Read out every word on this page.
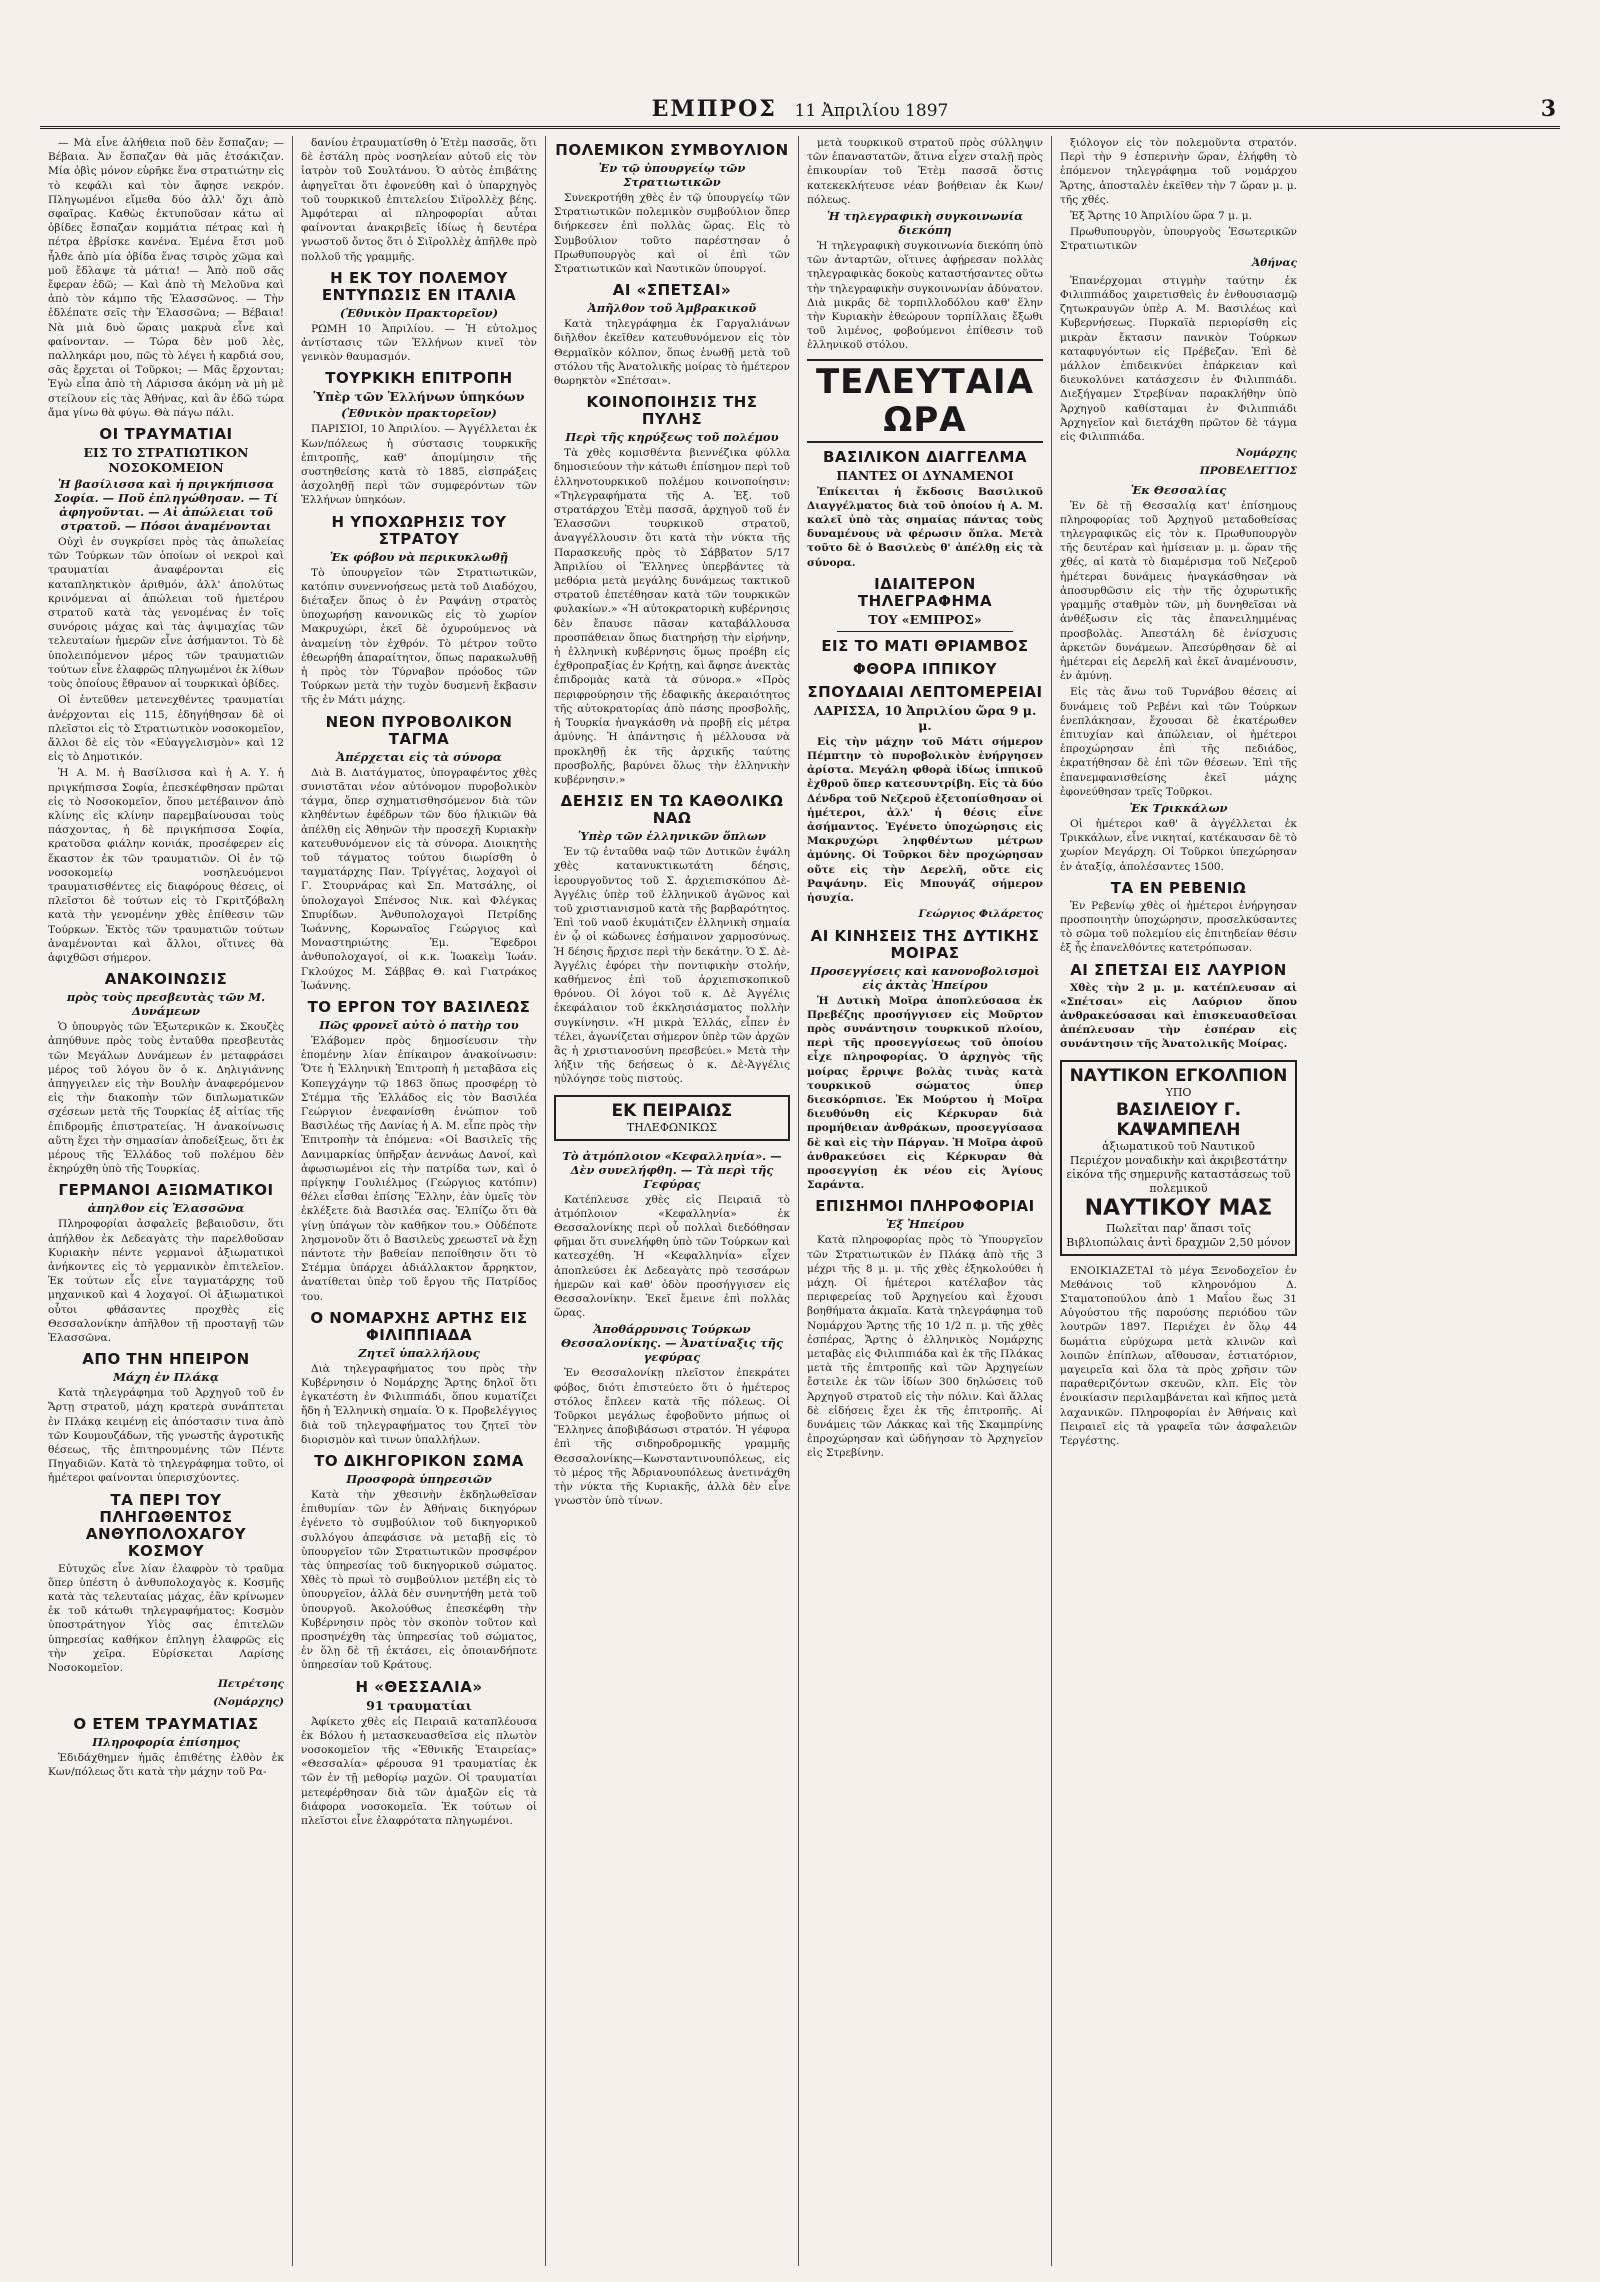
ΕΜΠΡΟΣ 11 Ἀπριλίου 1897	3

— Μὰ εἶνε ἀλήθεια ποῦ δὲν ἔσπαζαν; — Βέβαια. Ἀν ἔσπαζαν θὰ μᾶς ἐτσάκιζαν. Μία ὀβὶς μόνον εὑρῆκε ἕνα στρατιώτην εἰς τὸ κεφάλι καὶ τὸν ἄφησε νεκρόν. Πληγωμένοι εἴμεθα δύο ἀλλ' ὄχι ἀπὸ σφαῖρας. Καθὼς ἐκτυποῦσαν κάτω αἱ ὀβίδες ἔσπαζαν κομμάτια πέτρας καὶ ἡ πέτρα ἐβρίσκε κανένα. Ἐμένα ἔτσι μοῦ ἦλθε ἀπὸ μία ὀβίδα ἕνας τσιρὸς χῶμα καὶ μοῦ ἔδλαψε τὰ μάτια! — Ἀπὸ ποῦ σᾶς ἔφεραν ἐδῶ; — Καὶ ἀπὸ τὴ Μελοῦνα καὶ ἀπὸ τὸν κάμπο τῆς Ἐλασσῶνος. — Τὴν ἐδλέπατε σεῖς τὴν Ἐλασσῶνα; — Βέβαια! Νὰ μιὰ δυὸ ὥραις μακρυὰ εἶνε καὶ φαίνονταν. — Τώρα δὲν μοῦ λὲς, παλληκάρι μου, πῶς τὸ λέγει ἡ καρδιά σου, σᾶς ἔρχεται οἱ Τοῦρκοι; — Μᾶς ἔρχονται; Ἐγὼ εἶπα ἀπὸ τὴ Λάρισσα ἀκόμη νὰ μὴ μὲ στείλουν εἰς τὰς Ἀθήνας, καὶ ἂν ἐδῶ τώρα ἄμα γίνω θὰ φύγω. Θὰ πάγω πάλι.

ΟΙ ΤΡΑΥΜΑΤΙΑΙ
ΕΙΣ ΤΟ ΣΤΡΑΤΙΩΤΙΚΟΝ ΝΟΣΟΚΟΜΕΙΟΝ
Ἡ βασίλισσα καὶ ἡ πριγκήπισσα Σοφία. — Ποῦ ἐπληγώθησαν. — Τί ἀφηγοῦνται. — Αἱ ἀπώλειαι τοῦ στρατοῦ. — Πόσοι ἀναμένονται

Οὐχὶ ἐν συγκρίσει πρὸς τὰς ἀπωλείας τῶν Τούρκων τῶν ὁποίων οἱ νεκροὶ καὶ τραυματίαι ἀναφέρονται εἰς καταπληκτικὸν ἀριθμόν, ἀλλ' ἀπολύτως κρινόμεναι αἱ ἀπώλειαι τοῦ ἡμετέρου στρατοῦ κατὰ τὰς γενομένας ἐν τοῖς συνόροις μάχας καὶ τὰς ἀψιμαχίας τῶν τελευταίων ἡμερῶν εἶνε ἀσήμαντοι. Τὸ δὲ ὑπολειπόμενον μέρος τῶν τραυματιῶν τούτων εἶνε ἐλαφρῶς πληγωμένοι ἐκ λίθων τοὺς ὁποίους ἔθραυον αἱ τουρκικαὶ ὀβίδες.

Οἱ ἐντεῦθεν μετενεχθέντες τραυματίαι ἀνέρχονται εἰς 115, ἐδηγήθησαν δὲ οἱ πλεῖστοι εἰς τὸ Στρατιωτικὸν νοσοκομεῖον, ἄλλοι δὲ εἰς τὸν «Εὐαγγελισμὸν» καὶ 12 εἰς τὸ Δημοτικόν.

Ἡ Α. Μ. ἡ Βασίλισσα καὶ ἡ Α. Υ. ἡ πριγκήπισσα Σοφία, ἐπεσκέφθησαν πρῶται εἰς τὸ Νοσοκομεῖον, ὅπου μετέβαινον ἀπὸ κλίνης εἰς κλίνην παρεμβαίνουσαι τοὺς πάσχοντας, ἡ δὲ πριγκήπισσα Σοφία, κρατοῦσα φιάλην κονιάκ, προσέφερεν εἰς ἕκαστον ἐκ τῶν τραυματιῶν. Οἱ ἐν τῷ νοσοκομείῳ νοσηλευόμενοι τραυματισθέντες εἰς διαφόρους θέσεις, οἱ πλεῖστοι δὲ τούτων εἰς τὸ Γκριτζόβαλη κατὰ τὴν γενομένην χθὲς ἐπίθεσιν τῶν Τούρκων. Ἐκτὸς τῶν τραυματιῶν τούτων ἀναμένονται καὶ ἄλλοι, οἵτινες θὰ ἀφιχθῶσι σήμερον.

ΑΝΑΚΟΙΝΩΣΙΣ
πρὸς τοὺς πρεσβευτὰς τῶν Μ. Δυνάμεων

Ὁ ὑπουργὸς τῶν Ἐξωτερικῶν κ. Σκουζὲς ἀπηύθυνε πρὸς τοὺς ἐνταῦθα πρεσβευτὰς τῶν Μεγάλων Δυνάμεων ἐν μεταφράσει μέρος τοῦ λόγου ὃν ὁ κ. Δηλιγιάννης ἀπηγγειλεν εἰς τὴν Βουλὴν ἀναφερόμενον εἰς τὴν διακοπὴν τῶν διπλωματικῶν σχέσεων μετὰ τῆς Τουρκίας ἐξ αἰτίας τῆς ἐπιδρομῆς ἐπιστρατείας. Ἡ ἀνακοίνωσις αὕτη ἔχει τὴν σημασίαν ἀποδείξεως, ὅτι ἐκ μέρους τῆς Ἑλλάδος τοῦ πολέμου δὲν ἐκηρύχθη ὑπὸ τῆς Τουρκίας.

ΓΕΡΜΑΝΟΙ ΑΞΙΩΜΑΤΙΚΟΙ
ἀπηλθον εἰς Ἐλασσῶνα

Πληροφορίαι ἀσφαλεῖς βεβαιοῦσιν, ὅτι ἀπήλθον ἐκ Δεδεαγὰτς τὴν παρελθοῦσαν Κυριακὴν πέντε γερμανοὶ ἀξιωματικοὶ ἀνήκοντες εἰς τὸ γερμανικὸν ἐπιτελεῖον. Ἐκ τούτων εἷς εἶνε ταγματάρχης τοῦ μηχανικοῦ καὶ 4 λοχαγοί. Οἱ ἀξιωματικοὶ οὗτοι φθάσαντες προχθὲς εἰς Θεσσαλονίκην ἀπῆλθον τῇ προσταγῇ τῶν Ἐλασσῶνα.

ΑΠΟ ΤΗΝ ΗΠΕΙΡΟΝ
Μάχη ἐν Πλάκᾳ

Κατὰ τηλεγράφημα τοῦ Ἀρχηγοῦ τοῦ ἐν Ἄρτῃ στρατοῦ, μάχη κρατερὰ συνάπτεται ἐν Πλάκᾳ κειμένῃ εἰς ἀπόστασιν τινα ἀπὸ τῶν Κουμουζάδων, τῆς γνωστῆς ἀγροτικῆς θέσεως, τῆς ἐπιτηρουμένης τῶν Πέντε Πηγαδιῶν. Κατὰ τὸ τηλεγράφημα τοῦτο, οἱ ἡμέτεροι φαίνονται ὑπερισχύοντες.

ΤΑ ΠΕΡΙ ΤΟΥ ΠΛΗΓΩΘΕΝΤΟΣ ΑΝΘΥΠΟΛΟΧΑΓΟΥ ΚΟΣΜΟΥ

Εὐτυχῶς εἶνε λίαν ἐλαφρὸν τὸ τραῦμα ὅπερ ὑπέστη ὁ ἀνθυπολοχαγὸς κ. Κοσμῆς κατὰ τὰς τελευταίας μάχας, ἐἂν κρίνωμεν ἐκ τοῦ κάτωθι τηλεγραφήματος: Κοσμὸν ὑποστράτηγον Υἱὸς σας ἐπιτελῶν ὑπηρεσίας καθήκον ἐπληγη ἐλαφρῶς εἰς τὴν χεῖρα. Εὑρίσκεται Λαρίσης Νοσοκομεῖον.

Πετρέτσης
(Νομάρχης)
Ο ΕΤΕΜ ΤΡΑΥΜΑΤΙΑΣ
Πληροφορία ἐπίσημος

Ἐδιδάχθημεν ἡμᾶς ἐπιθέτης ἐλθὸν ἐκ Κων/πόλεως ὅτι κατὰ τὴν μάχην τοῦ Ρα-

δανίου ἐτραυματίσθη ὁ Ἐτὲμ πασσᾶς, ὅτι δὲ ἐστάλη πρὸς νοσηλείαν αὐτοῦ εἰς τὸν ἰατρὸν τοῦ Σουλτάνου. Ὁ αὐτὸς ἐπιβάτης ἀφηγεῖται ὅτι ἐφονεύθη καὶ ὁ ὑπαρχηγὸς τοῦ τουρκικοῦ ἐπιτελείου Σιϊρολλὲχ βέης. Ἀμφότεραι αἱ πληροφορίαι αὗται φαίνονται ἀνακριβεῖς ἰδίως ἡ δευτέρα γνωστοῦ ὄντος ὅτι ὁ Σιϊρολλὲχ ἀπῆλθε πρὸ πολλοῦ τῆς γραμμῆς.

Η ΕΚ ΤΟΥ ΠΟΛΕΜΟΥ ΕΝΤΥΠΩΣΙΣ ΕΝ ΙΤΑΛΙΑ
(Ἐθνικὸν Πρακτορεῖον)

ΡΩΜΗ 10 Ἀπριλίου. — Ἡ εὐτολμος ἀντίστασις τῶν Ἑλλήνων κινεῖ τὸν γενικὸν θαυμασμόν.

ΤΟΥΡΚΙΚΗ ΕΠΙΤΡΟΠΗ
Ὑπὲρ τῶν Ἑλλήνων ὑπηκόων
(Ἐθνικὸν πρακτορεῖον)

ΠΑΡΙΣΙΟΙ, 10 Ἀπριλίου. — Ἀγγέλλεται ἐκ Κων/πόλεως ἡ σύστασις τουρκικῆς ἐπιτροπῆς, καθ' ἀπομίμησιν τῆς συστηθείσης κατὰ τὸ 1885, εἰσπράξεις ἀσχοληθῇ περὶ τῶν συμφερόντων τῶν Ἑλλήνων ὑπηκόων.

Η ΥΠΟΧΩΡΗΣΙΣ ΤΟΥ ΣΤΡΑΤΟΥ
Ἐκ φόβου νὰ περικυκλωθῇ

Τὸ ὑπουργεῖον τῶν Στρατιωτικῶν, κατόπιν συνεννοήσεως μετὰ τοῦ Διαδόχου, διέταξεν ὅπως ὁ ἐν Ραψάνῃ στρατὸς ὑποχωρήσῃ κανονικῶς εἰς τὸ χωρίον Μακρυχώρι, ἐκεῖ δὲ ὀχυρούμενος νὰ ἀναμείνῃ τὸν ἐχθρόν. Τὸ μέτρον τοῦτο ἐθεωρήθη ἀπαραίτητον, ὅπως παρακωλυθῇ ἡ πρὸς τὸν Τύρναβον πρόοδος τῶν Τούρκων μετὰ τὴν τυχὸν δυσμενῆ ἔκβασιν τῆς ἐν Μάτι μάχης.

ΝΕΟΝ ΠΥΡΟΒΟΛΙΚΟΝ ΤΑΓΜΑ
Ἀπέρχεται εἰς τὰ σύνορα

Διὰ Β. Διατάγματος, ὑπογραφέντος χθὲς συνιστᾶται νέον αὐτόνομον πυροβολικὸν τάγμα, ὅπερ σχηματισθησόμενον διὰ τῶν κληθέντων ἐφέδρων τῶν δύο ἡλικιῶν θὰ ἀπέλθῃ εἰς Ἀθηνῶν τὴν προσεχῆ Κυριακὴν κατευθυνόμενον εἰς τὰ σύνορα. Διοικητὴς τοῦ τάγματος τούτου διωρίσθη ὁ ταγματάρχης Παν. Τρίγγέτας, λοχαγοὶ οἱ Γ. Στουρνάρας καὶ Σπ. Ματσάλης, οἱ ὑπολοχαγοὶ Σπένσος Νικ. καὶ Φλέγκας Σπυρίδων. Ἀνθυπολοχαγοὶ Πετρίδης Ἰωάννης, Κορωναῖος Γεώργιος καὶ Μοναστηριώτης Ἐμ. Ἔφεδροι ἀνθυπολοχαγοί, οἱ κ.κ. Ἰωακεὶμ Ἰωάν. Γκλούχος Μ. Σάββας Θ. καὶ Γιατράκος Ἰωάννης.

ΤΟ ΕΡΓΟΝ ΤΟΥ ΒΑΣΙΛΕΩΣ
Πῶς φρονεῖ αὐτὸ ὁ πατὴρ του

Ἐλάβομεν πρὸς δημοσίευσιν τὴν ἑπομένην λίαν ἐπίκαιρον ἀνακοίνωσιν: Ὅτε ἡ Ἑλληνικὴ Ἐπιτροπὴ ἡ μεταβᾶσα εἰς Κοπεγχάγην τῷ 1863 ὅπως προσφέρῃ τὸ Στέμμα τῆς Ἑλλάδος εἰς τὸν Βασιλέα Γεώργιον ἐνεφανίσθη ἐνώπιον τοῦ Βασιλέως τῆς Δανίας ἡ Α. Μ. εἶπε πρὸς τὴν Ἐπιτροπὴν τὰ ἑπόμενα: «Οἱ Βασιλεῖς τῆς Δανιμαρκίας ὑπῆρξαν ἀεννάως Δανοί, καὶ ἀφωσιωμένοι εἰς τὴν πατρίδα των, καὶ ὁ πρίγκηψ Γουλιέλμος (Γεώργιος κατόπιν) θέλει εἶσθαι ἐπίσης Ἕλλην, ἐὰν ὑμεῖς τὸν ἐκλέξετε διὰ Βασιλέα σας. Ἐλπίζω ὅτι θὰ γίνῃ ὑπάγων τὸν καθῆκον του.» Οὐδέποτε λησμονοῦν ὅτι ὁ Βασιλεὺς χρεωστεῖ νὰ ἔχῃ πάντοτε τὴν βαθείαν πεποίθησιν ὅτι τὸ Στέμμα ὑπάρχει ἀδιάλλακτον ἄρρηκτον, ἀνατίθεται ὑπὲρ τοῦ ἔργου τῆς Πατρίδος του.

Ο ΝΟΜΑΡΧΗΣ ΑΡΤΗΣ ΕΙΣ ΦΙΛΙΠΠΙΑΔΑ
Ζητεῖ ὑπαλλήλους

Διὰ τηλεγραφήματος του πρὸς τὴν Κυβέρνησιν ὁ Νομάρχης Ἄρτης δηλοῖ ὅτι ἐγκατέστη ἐν Φιλιππιάδι, ὅπου κυματίζει ἤδη ἡ Ἑλληνικὴ σημαία. Ὁ κ. Προβελέγγιος διὰ τοῦ τηλεγραφήματος του ζητεῖ τὸν διορισμὸν καὶ τινων ὑπαλλήλων.

ΤΟ ΔΙΚΗΓΟΡΙΚΟΝ ΣΩΜΑ
Προσφορὰ ὑπηρεσιῶν

Κατὰ τὴν χθεσινὴν ἐκδηλωθεῖσαν ἐπιθυμίαν τῶν ἐν Ἀθήναις δικηγόρων ἐγένετο τὸ συμβούλιον τοῦ δικηγορικοῦ συλλόγου ἀπεφάσισε νὰ μεταβῇ εἰς τὸ ὑπουργεῖον τῶν Στρατιωτικῶν προσφέρον τὰς ὑπηρεσίας τοῦ δικηγορικοῦ σώματος. Χθὲς τὸ πρωὶ τὸ συμβούλιον μετέβη εἰς τὸ ὑπουργεῖον, ἀλλὰ δὲν συνηντήθη μετὰ τοῦ ὑπουργοῦ. Ἀκολούθως ἐπεσκέφθη τὴν Κυβέρνησιν πρὸς τὸν σκοπὸν τοῦτον καὶ προσηνέχθη τὰς ὑπηρεσίας τοῦ σώματος, ἐν ὅλῃ δὲ τῇ ἐκτάσει, εἰς ὁποιανδήποτε ὑπηρεσίαν τοῦ Κράτους.

Η «ΘΕΣΣΑΛΙΑ»
91 τραυματίαι

Ἀφίκετο χθὲς εἰς Πειραιᾶ καταπλέουσα ἐκ Βόλου ἡ μετασκευασθεῖσα εἰς πλωτὸν νοσοκομεῖον τῆς «Ἐθνικῆς Ἑταιρείας» «Θεσσαλία» φέρουσα 91 τραυματίας ἐκ τῶν ἐν τῇ μεθορίῳ μαχῶν. Οἱ τραυματίαι μετεφέρθησαν διὰ τῶν ἀμαξῶν εἰς τὰ διάφορα νοσοκομεῖα. Ἐκ τούτων οἱ πλεῖστοι εἶνε ἐλαφρότατα πληγωμένοι.

ΠΟΛΕΜΙΚΟΝ ΣΥΜΒΟΥΛΙΟΝ
Ἐν τῷ ὑπουργείῳ τῶν Στρατιωτικῶν

Συνεκροτήθη χθὲς ἐν τῷ ὑπουργείῳ τῶν Στρατιωτικῶν πολεμικὸν συμβούλιον ὅπερ διήρκεσεν ἐπὶ πολλὰς ὥρας. Εἰς τὸ Συμβούλιον τοῦτο παρέστησαν ὁ Πρωθυπουργὸς καὶ οἱ ἐπὶ τῶν Στρατιωτικῶν καὶ Ναυτικῶν ὑπουργοί.

ΑΙ «ΣΠΕΤΣΑΙ»
Ἀπῆλθον τοῦ Ἀμβρακικοῦ

Κατὰ τηλεγράφημα ἐκ Γαργαλιάνων διῆλθον ἐκεῖθεν κατευθυνόμενον εἰς τὸν Θερμαϊκὸν κόλπον, ὅπως ἑνωθῇ μετὰ τοῦ στόλου τῆς Ἀνατολικῆς μοίρας τὸ ἡμέτερον θωρηκτὸν «Σπέτσαι».

ΚΟΙΝΟΠΟΙΗΣΙΣ ΤΗΣ ΠΥΛΗΣ
Περὶ τῆς κηρύξεως τοῦ πολέμου

Τὰ χθὲς κομισθέντα βιεννέζικα φύλλα δημοσιεύουν τὴν κάτωθι ἐπίσημον περὶ τοῦ ἑλληνοτουρκικοῦ πολέμου κοινοποίησιν: «Τηλεγραφήματα τῆς Α. Ἐξ. τοῦ στρατάρχου Ἐτὲμ πασσᾶ, ἀρχηγοῦ τοῦ ἐν Ἐλασσῶνι τουρκικοῦ στρατοῦ, ἀναγγέλλουσιν ὅτι κατὰ τὴν νύκτα τῆς Παρασκευῆς πρὸς τὸ Σάββατον 5/17 Ἀπριλίου οἱ Ἕλληνες ὑπερβάντες τὰ μεθόρια μετὰ μεγάλης δυνάμεως τακτικοῦ στρατοῦ ἐπετέθησαν κατὰ τῶν τουρκικῶν φυλακίων.» «Ἡ αὐτοκρατορικὴ κυβέρνησις δὲν ἔπαυσε πᾶσαν καταβάλλουσα προσπάθειαν ὅπως διατηρήσῃ τὴν εἰρήνην, ἡ ἑλληνικὴ κυβέρνησις ὅμως προέβη εἰς ἐχθροπραξίας ἐν Κρήτῃ, καὶ ἄφησε ἀνεκτὰς ἐπιδρομὰς κατὰ τὰ σύνορα.» «Πρὸς περιφρούρησιν τῆς ἐδαφικῆς ἀκεραιότητος τῆς αὐτοκρατορίας ἀπὸ πάσης προσβολῆς, ἡ Τουρκία ἠναγκάσθη νὰ προβῇ εἰς μέτρα ἀμύνης. Ἡ ἀπάντησις ἡ μέλλουσα νὰ προκληθῇ ἐκ τῆς ἀρχικῆς ταύτης προσβολῆς, βαρύνει ὅλως τὴν ἑλληνικὴν κυβέρνησιν.»

ΔΕΗΣΙΣ ΕΝ ΤΩ ΚΑΘΟΛΙΚΩ ΝΑΩ
Ὑπὲρ τῶν ἑλληνικῶν ὅπλων

Ἐν τῷ ἐνταῦθα ναῷ τῶν Δυτικῶν ἐψάλη χθὲς κατανυκτικωτάτη δέησις, ἱερουργοῦντος τοῦ Σ. ἀρχιεπισκόπου Δὲ-Ἀγγέλις ὑπὲρ τοῦ ἑλληνικοῦ ἀγῶνος καὶ τοῦ χριστιανισμοῦ κατὰ τῆς βαρβαρότητος. Ἐπὶ τοῦ ναοῦ ἐκυμάτιζεν ἑλληνικὴ σημαία ἐν ᾧ οἱ κώδωνες ἐσήμαινον χαρμοσύνως. Ἡ δέησις ἤρχισε περὶ τὴν δεκάτην. Ὁ Σ. Δὲ-Ἀγγέλις ἐφόρει τὴν ποντιφικὴν στολήν, καθήμενος ἐπὶ τοῦ ἀρχιεπισκοπικοῦ θρόνου. Οἱ λόγοι τοῦ κ. Δὲ Ἀγγέλις ἐκεφάλαιον τοῦ ἐκκλησιάσματος πολλὴν συγκίνησιν. «Ἡ μικρὰ Ἑλλάς, εἶπεν ἐν τέλει, ἀγωνίζεται σήμερον ὑπὲρ τῶν ἀρχῶν ἃς ἡ χριστιανοσύνη πρεσβεύει.» Μετὰ τὴν λήξιν τῆς δεήσεως ὁ κ. Δὲ-Ἀγγέλις ηὐλόγησε τοὺς πιστούς.

ΕΚ ΠΕΙΡΑΙΩΣ
ΤΗΛΕΦΩΝΙΚΩΣ
Τὸ ἀτμόπλοιον «Κεφαλληνία». — Δὲν συνελήφθη. — Τὰ περὶ τῆς Γεφύρας

Κατέπλευσε χθὲς εἰς Πειραιᾶ τὸ ἀτμόπλοιον «Κεφαλληνία» ἐκ Θεσσαλονίκης περὶ οὗ πολλαὶ διεδόθησαν φῆμαι ὅτι συνελήφθη ὑπὸ τῶν Τούρκων καὶ κατεσχέθη. Ἡ «Κεφαλληνία» εἶχεν ἀποπλεύσει ἐκ Δεδεαγὰτς πρὸ τεσσάρων ἡμερῶν καὶ καθ' ὁδὸν προσήγγισεν εἰς Θεσσαλονίκην. Ἐκεῖ ἔμεινε ἐπὶ πολλὰς ὥρας.

Ἀποθάρρυνσις Τούρκων Θεσσαλονίκης. — Ἀνατίναξις τῆς γεφύρας

Ἐν Θεσσαλονίκῃ πλεῖστον ἐπεκράτει φόβος, διότι ἐπιστεύετο ὅτι ὁ ἡμέτερος στόλος ἔπλεεν κατὰ τῆς πόλεως. Οἱ Τοῦρκοι μεγάλως ἐφοβοῦντο μήπως οἱ Ἕλληνες ἀποβιβάσωσι στρατόν. Ἡ γέφυρα ἐπὶ τῆς σιδηροδρομικῆς γραμμῆς Θεσσαλονίκης—Κωνσταντινουπόλεως, εἰς τὸ μέρος τῆς Ἀδριανουπόλεως ἀνετινάχθη τὴν νύκτα τῆς Κυριακῆς, ἀλλὰ δὲν εἶνε γνωστὸν ὑπὸ τίνων.

μετὰ τουρκικοῦ στρατοῦ πρὸς σύλληψιν τῶν ἐπαναστατῶν, ἅτινα εἶχεν σταλῇ πρὸς ἐπικουρίαν τοῦ Ἐτὲμ πασσᾶ ὅστις κατεκεκλήτευσε νέαν βοήθειαν ἐκ Κων/πόλεως.

Ἡ τηλεγραφικὴ συγκοινωνία διεκόπη

Ἡ τηλεγραφικὴ συγκοινωνία διεκόπη ὑπὸ τῶν ἀνταρτῶν, οἵτινες ἀφῄρεσαν πολλὰς τηλεγραφικὰς δοκοὺς καταστήσαντες οὕτω τὴν τηλεγραφικὴν συγκοινωνίαν ἀδύνατον. Διὰ μικρᾶς δὲ τορπιλλοδόλου καθ' ἕλην τὴν Κυριακὴν ἐθεώρουν τορπίλλαις ἔξωθι τοῦ λιμένος, φοβούμενοι ἐπίθεσιν τοῦ ἑλληνικοῦ στόλου.

ΤΕΛΕΥΤΑΙΑ ΩΡΑ
ΒΑΣΙΛΙΚΟΝ ΔΙΑΓΓΕΛΜΑ
ΠΑΝΤΕΣ ΟΙ ΔΥΝΑΜΕΝΟΙ

Ἐπίκειται ἡ ἔκδοσις Βασιλικοῦ Διαγγέλματος διὰ τοῦ ὁποίου ἡ Α. Μ. καλεῖ ὑπὸ τὰς σημαίας πάντας τοὺς δυναμένους νὰ φέρωσιν ὅπλα. Μετὰ τοῦτο δὲ ὁ Βασιλεὺς θ' ἀπέλθῃ εἰς τὰ σύνορα.

ΙΔΙΑΙΤΕΡΟΝ ΤΗΛΕΓΡΑΦΗΜΑ
ΤΟΥ «ΕΜΠΡΟΣ»
ΕΙΣ ΤΟ ΜΑΤΙ ΘΡΙΑΜΒΟΣ
ΦΘΟΡΑ ΙΠΠΙΚΟΥ
ΣΠΟΥΔΑΙΑΙ ΛΕΠΤΟΜΕΡΕΙΑΙ
ΛΑΡΙΣΣΑ, 10 Ἀπριλίου ὥρα 9 μ. μ.

Εἰς τὴν μάχην τοῦ Μάτι σήμερον Πέμπτην τὸ πυροβολικὸν ἐνήργησεν ἀρίστα. Μεγάλη φθορὰ ἰδίως ἱππικοῦ ἐχθροῦ ὅπερ κατεσυντρίβη. Εἰς τὰ δύο Δένδρα τοῦ Νεζεροῦ ἐξετοπίσθησαν οἱ ἡμέτεροι, ἀλλ' ἡ θέσις εἶνε ἀσήμαντος. Ἐγένετο ὑποχώρησις εἰς Μακρυχώρι ληφθέντων μέτρων ἀμύνης. Οἱ Τοῦρκοι δὲν προχώρησαν οὔτε εἰς τὴν Δερελῆ, οὔτε εἰς Ραψάνην. Εἰς Μπουγάζ σήμερον ἡσυχία.

Γεώργιος Φιλάρετος
ΑΙ ΚΙΝΗΣΕΙΣ ΤΗΣ ΔΥΤΙΚΗΣ ΜΟΙΡΑΣ
Προσεγγίσεις καὶ κανονοβολισμοὶ εἰς ἀκτὰς Ἠπείρου

Ἡ Δυτικὴ Μοῖρα ἀποπλεύσασα ἐκ Πρεβέζης προσήγγισεν εἰς Μοῦρτον πρὸς συνάντησιν τουρκικοῦ πλοίου, περὶ τῆς προσεγγίσεως τοῦ ὁποίου εἶχε πληροφορίας. Ὁ ἀρχηγὸς τῆς μοίρας ἔρριψε βολὰς τινὰς κατὰ τουρκικοῦ σώματος ὑπερ διεσκόρπισε. Ἐκ Μούρτου ἡ Μοῖρα διευθύνθη εἰς Κέρκυραν διὰ προμήθειαν ἀνθράκων, προσεγγίσασα δὲ καὶ εἰς τὴν Πάργαν. Ἡ Μοῖρα ἀφοῦ ἀνθρακεύσει εἰς Κέρκυραν θὰ προσεγγίσῃ ἐκ νέου εἰς Ἁγίους Σαράντα.

ΕΠΙΣΗΜΟΙ ΠΛΗΡΟΦΟΡΙΑΙ
Ἐξ Ἠπείρου

Κατὰ πληροφορίας πρὸς τὸ Ὑπουργεῖον τῶν Στρατιωτικῶν ἐν Πλάκᾳ ἀπὸ τῆς 3 μέχρι τῆς 8 μ. μ. τῆς χθὲς ἐξηκολούθει ἡ μάχη. Οἱ ἡμέτεροι κατέλαβον τὰς περιφερείας τοῦ Ἀρχηγείου καὶ ἔχουσι βοηθήματα ἀκμαῖα. Κατὰ τηλεγράφημα τοῦ Νομάρχου Ἄρτης τῆς 10 1/2 π. μ. τῆς χθὲς ἐσπέρας, Ἄρτης ὁ ἐλληνικὸς Νομάρχης μεταβὰς εἰς Φιλιππιάδα καὶ ἐκ τῆς Πλάκας μετὰ τῆς ἐπιτροπῆς καὶ τῶν Ἀρχηγείων ἔστειλε ἐκ τῶν ἰδίων 300 δηλώσεις τοῦ Ἀρχηγοῦ στρατοῦ εἰς τὴν πόλιν. Καὶ ἄλλας δὲ εἰδήσεις ἔχει ἐκ τῆς ἐπιτροπῆς. Αἱ δυνάμεις τῶν Λάκκας καὶ τῆς Σκαμπρίνης ἐπροχώρησαν καὶ ὡδήγησαν τὸ Ἀρχηγεῖον εἰς Στρεβίνην.

ξιόλογον εἰς τὸν πολεμοῦντα στρατόν. Περὶ τὴν 9 ἑσπερινὴν ὥραν, ἐλήφθη τὸ ἑπόμενον τηλεγράφημα τοῦ νομάρχου Ἄρτης, ἀποσταλὲν ἐκεῖθεν τὴν 7 ὥραν μ. μ. τῆς χθές.

Ἐξ Ἄρτης 10 Ἀπριλίου ὥρα 7 μ. μ.

Πρωθυπουργὸν, ὑπουργοὺς Ἐσωτερικῶν Στρατιωτικῶν

Ἀθήνας

Ἐπανέρχομαι στιγμὴν ταύτην ἐκ Φιλιππιάδος χαιρετισθεὶς ἐν ἐνθουσιασμῷ ζητωκραυγῶν ὑπὲρ Α. Μ. Βασιλέως καὶ Κυβερνήσεως. Πυρκαϊὰ περιορίσθη εἰς μικρὰν ἔκτασιν πανικὸν Τούρκων καταφυγόντων εἰς Πρέβεζαν. Ἐπὶ δὲ μάλλον ἐπιδεικνύει ἐπάρκειαν καὶ διευκολύνει κατάσχεσιν ἐν Φιλιππιάδι. Διεξήγαμεν Στρεβίναν παρακλήθην ὑπὸ Ἀρχηγοῦ καθίσταμαι ἐν Φιλιππιάδι Ἀρχηγεῖον καὶ διετάχθη πρῶτον δὲ τάγμα εἰς Φιλιππιάδα.

Νομάρχης
ΠΡΟΒΕΛΕΓΓΙΟΣ
Ἐκ Θεσσαλίας

Ἐν δὲ τῇ Θεσσαλίᾳ κατ' ἐπίσημους πληροφορίας τοῦ Ἀρχηγοῦ μεταδοθείσας τηλεγραφικῶς εἰς τὸν κ. Πρωθυπουργὸν τῆς δευτέραν καὶ ἡμίσειαν μ. μ. ὥραν τῆς χθές, αἱ κατὰ τὸ διαμέρισμα τοῦ Νεζεροῦ ἡμέτεραι δυνάμεις ἠναγκάσθησαν νὰ ἀποσυρθῶσιν εἰς τὴν τῆς ὀχυρωτικῆς γραμμῆς σταθμὸν τῶν, μὴ δυνηθεῖσαι νὰ ἀνθέξωσιν εἰς τὰς ἐπανειλημμένας προσβολὰς. Ἀπεστάλη δὲ ἐνίσχυσις ἀρκετῶν δυνάμεων. Ἀπεσύρθησαν δὲ αἱ ἡμέτεραι εἰς Δερελῆ καὶ ἐκεῖ ἀναμένουσιν, ἐν ἀμύνῃ.

Εἰς τὰς ἄνω τοῦ Τυρνάβου θέσεις αἱ δυνάμεις τοῦ Ρεβένι καὶ τῶν Τούρκων ἐνεπλάκησαν, ἔχουσαι δὲ ἑκατέρωθεν ἐπιτυχίαν καὶ ἀπώλειαν, οἱ ἡμέτεροι ἐπροχώρησαν ἐπὶ τῆς πεδιάδος, ἐκρατήθησαν δὲ ἐπὶ τῶν θέσεων. Ἐπὶ τῆς ἐπανεμφανισθείσης ἐκεῖ μάχης ἐφονεύθησαν τρεῖς Τοῦρκοι.

Ἐκ Τρικκάλων

Οἱ ἡμέτεροι καθ' ἃ ἀγγέλλεται ἐκ Τρικκάλων, εἶνε νικηταί, κατέκαυσαν δὲ τὸ χωρίον Μεγάρχη. Οἱ Τοῦρκοι ὑπεχώρησαν ἐν ἀταξίᾳ, ἀπολέσαντες 1500.

ΤΑ ΕΝ ΡΕΒΕΝΙΩ

Ἐν Ρεβενίῳ χθὲς οἱ ἡμέτεροι ἐνήργησαν προσποιητὴν ὑποχώρησιν, προσελκύσαντες τὸ σῶμα τοῦ πολεμίου εἰς ἐπιτηδείαν θέσιν ἐξ ἧς ἐπανελθόντες κατετρόπωσαν.

ΑΙ ΣΠΕΤΣΑΙ ΕΙΣ ΛΑΥΡΙΟΝ

Χθὲς τὴν 2 μ. μ. κατέπλευσαν αἱ «Σπέτσαι» εἰς Λαύριον ὅπου ἀνθρακεύσασαι καὶ ἐπισκευασθεῖσαι ἀπέπλευσαν τὴν ἑσπέραν εἰς συνάντησιν τῆς Ἀνατολικῆς Μοίρας.

ΝΑΥΤΙΚΟΝ ΕΓΚΟΛΠΙΟΝ
ΥΠΟ
ΒΑΣΙΛΕΙΟΥ Γ. ΚΑΨΑΜΠΕΛΗ
ἀξιωματικοῦ τοῦ Ναυτικοῦ
Περιέχον μοναδικὴν καὶ ἀκριβεστάτην εἰκόνα τῆς σημερινῆς καταστάσεως τοῦ πολεμικοῦ
ΝΑΥΤΙΚΟΥ ΜΑΣ
Πωλεῖται παρ' ἅπασι τοῖς Βιβλιοπώλαις ἀντὶ δραχμῶν 2,50 μόνον

ΕΝΟΙΚΙΑΖΕΤΑΙ τὸ μέγα Ξενοδοχεῖον ἐν Μεθάνοις τοῦ κληρονόμου Δ. Σταματοπούλου ἀπὸ 1 Μαΐου ἕως 31 Αὐγούστου τῆς παρούσης περιόδου τῶν λουτρῶν 1897. Περιέχει ἐν ὅλῳ 44 δωμάτια εὐρύχωρα μετὰ κλινῶν καὶ λοιπῶν ἐπίπλων, αἴθουσαν, ἑστιατόριον, μαγειρεῖα καὶ ὅλα τὰ πρὸς χρῆσιν τῶν παραθεριζόντων σκευῶν, κλπ. Εἰς τὸν ἐνοικίασιν περιλαμβάνεται καὶ κῆπος μετὰ λαχανικῶν. Πληροφορίαι ἐν Ἀθήναις καὶ Πειραιεῖ εἰς τὰ γραφεῖα τῶν ἀσφαλειῶν Τεργέστης.
